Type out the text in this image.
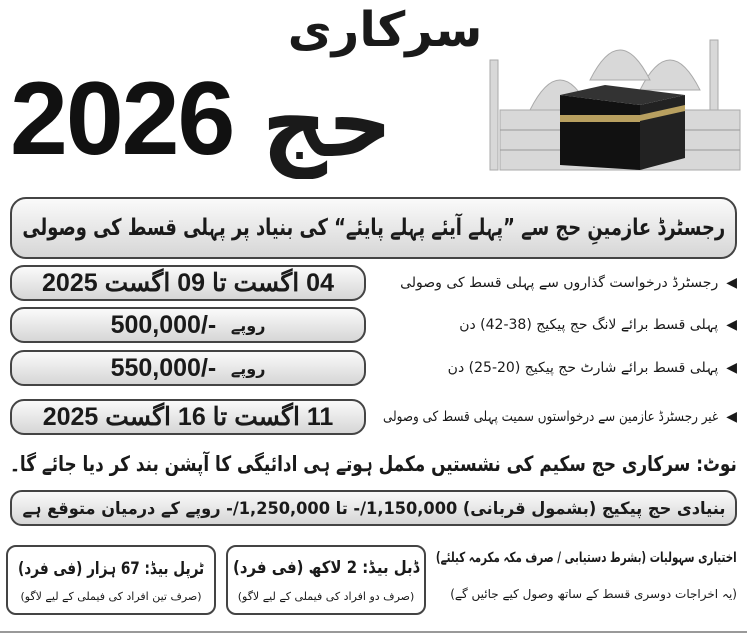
سرکاری
حج
2026
رجسٹرڈ عازمینِ حج سے ”پہلے آیئے پہلے پایئے“ کی بنیاد پر پہلی قسط کی وصولی
04 اگست تا 09 اگست 2025
500,000/-
روپے
550,000/-
روپے
11 اگست تا 16 اگست 2025
◀
رجسٹرڈ درخواست گذاروں سے پہلی قسط کی وصولی
◀
پہلی قسط برائے لانگ حج پیکیج (38-42) دن
◀
پہلی قسط برائے شارٹ حج پیکیج (20-25) دن
◀
غیر رجسٹرڈ عازمین سے درخواستوں سمیت پہلی قسط کی وصولی
نوٹ: سرکاری حج سکیم کی نشستیں مکمل ہوتے ہی ادائیگی کا آپشن بند کر دیا جائے گا۔
بنیادی حج پیکیج (بشمول قربانی) 1,150,000/- تا 1,250,000/- روپے کے درمیان متوقع ہے
اختیاری سہولیات (بشرط دستیابی / صرف مکہ مکرمہ کیلئے)
(یہ اخراجات دوسری قسط کے ساتھ وصول کیے جائیں گے)
ڈبل بیڈ: 2 لاکھ (فی فرد)
(صرف دو افراد کی فیملی کے لیے لاگو)
ٹرپل بیڈ: 67 ہزار (فی فرد)
(صرف تین افراد کی فیملی کے لیے لاگو)
